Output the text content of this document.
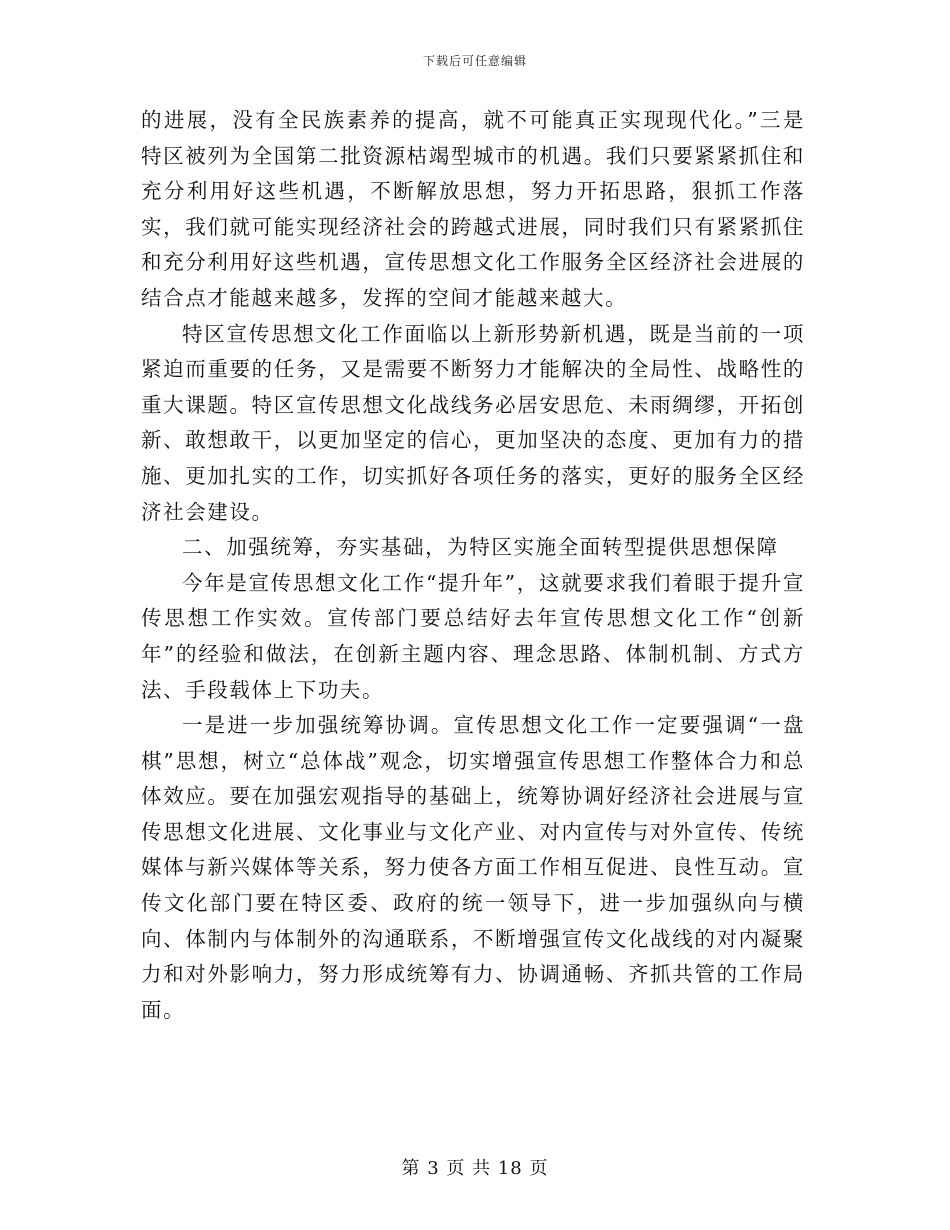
下载后可任意编辑

的进展，没有全民族素养的提高，就不可能真正实现现代化。”三是特区被列为全国第二批资源枯竭型城市的机遇。我们只要紧紧抓住和充分利用好这些机遇，不断解放思想，努力开拓思路，狠抓工作落实，我们就可能实现经济社会的跨越式进展，同时我们只有紧紧抓住和充分利用好这些机遇，宣传思想文化工作服务全区经济社会进展的结合点才能越来越多，发挥的空间才能越来越大。

特区宣传思想文化工作面临以上新形势新机遇，既是当前的一项紧迫而重要的任务，又是需要不断努力才能解决的全局性、战略性的重大课题。特区宣传思想文化战线务必居安思危、未雨绸缪，开拓创新、敢想敢干，以更加坚定的信心，更加坚决的态度、更加有力的措施、更加扎实的工作，切实抓好各项任务的落实，更好的服务全区经济社会建设。

二、加强统筹，夯实基础，为特区实施全面转型提供思想保障

今年是宣传思想文化工作“提升年”，这就要求我们着眼于提升宣传思想工作实效。宣传部门要总结好去年宣传思想文化工作“创新年”的经验和做法，在创新主题内容、理念思路、体制机制、方式方法、手段载体上下功夫。

一是进一步加强统筹协调。宣传思想文化工作一定要强调“一盘棋”思想，树立“总体战”观念，切实增强宣传思想工作整体合力和总体效应。要在加强宏观指导的基础上，统筹协调好经济社会进展与宣传思想文化进展、文化事业与文化产业、对内宣传与对外宣传、传统媒体与新兴媒体等关系，努力使各方面工作相互促进、良性互动。宣传文化部门要在特区委、政府的统一领导下，进一步加强纵向与横向、体制内与体制外的沟通联系，不断增强宣传文化战线的对内凝聚力和对外影响力，努力形成统筹有力、协调通畅、齐抓共管的工作局面。

第 3 页 共 18 页
